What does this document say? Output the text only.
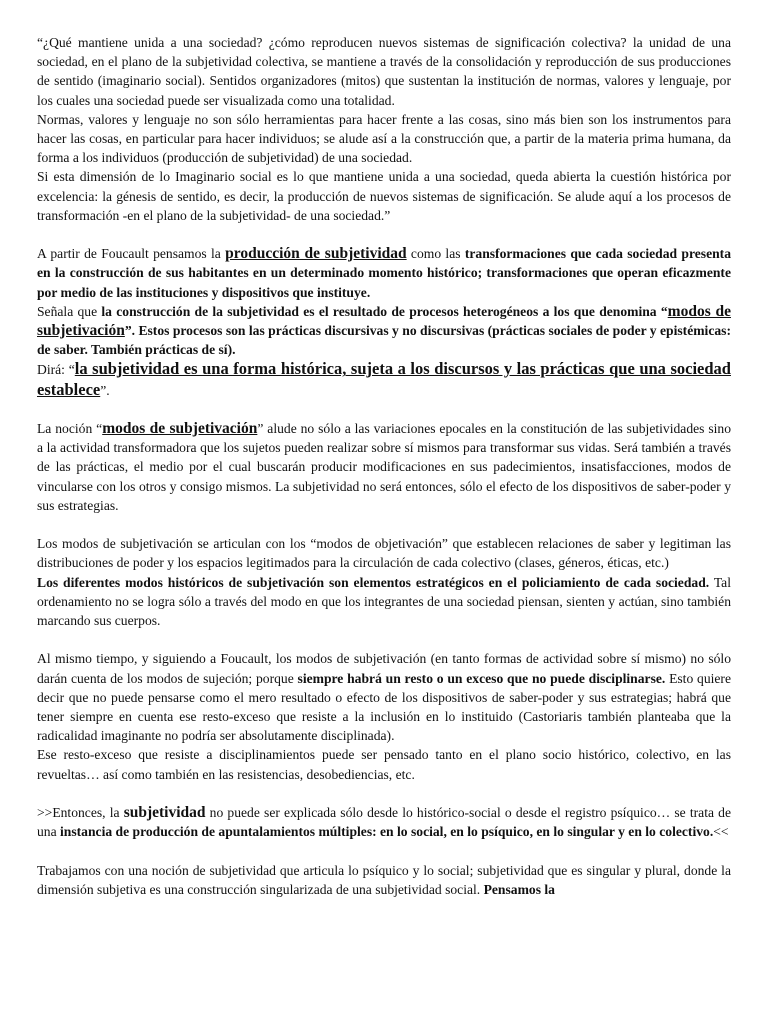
“¿Qué mantiene unida a una sociedad? ¿cómo reproducen nuevos sistemas de significación colectiva? la unidad de una sociedad, en el plano de la subjetividad colectiva, se mantiene a través de la consolidación y reproducción de sus producciones de sentido (imaginario social). Sentidos organizadores (mitos) que sustentan la institución de normas, valores y lenguaje, por los cuales una sociedad puede ser visualizada como una totalidad.

Normas, valores y lenguaje no son sólo herramientas para hacer frente a las cosas, sino más bien son los instrumentos para hacer las cosas, en particular para hacer individuos; se alude así a la construcción que, a partir de la materia prima humana, da forma a los individuos (producción de subjetividad) de una sociedad.

Si esta dimensión de lo Imaginario social es lo que mantiene unida a una sociedad, queda abierta la cuestión histórica por excelencia: la génesis de sentido, es decir, la producción de nuevos sistemas de significación. Se alude aquí a los procesos de transformación -en el plano de la subjetividad- de una sociedad.”

A partir de Foucault pensamos la producción de subjetividad como las transformaciones que cada sociedad presenta en la construcción de sus habitantes en un determinado momento histórico; transformaciones que operan eficazmente por medio de las instituciones y dispositivos que instituye.

Señala que la construcción de la subjetividad es el resultado de procesos heterogéneos a los que denomina “modos de subjetivación”. Estos procesos son las prácticas discursivas y no discursivas (prácticas sociales de poder y epistémicas: de saber. También prácticas de sí).

Dirá: “la subjetividad es una forma histórica, sujeta a los discursos y las prácticas que una sociedad establece”.

La noción “modos de subjetivación” alude no sólo a las variaciones epocales en la constitución de las subjetividades sino a la actividad transformadora que los sujetos pueden realizar sobre sí mismos para transformar sus vidas. Será también a través de las prácticas, el medio por el cual buscarán producir modificaciones en sus padecimientos, insatisfacciones, modos de vincularse con los otros y consigo mismos. La subjetividad no será entonces, sólo el efecto de los dispositivos de saber-poder y sus estrategias.

Los modos de subjetivación se articulan con los “modos de objetivación” que establecen relaciones de saber y legitiman las distribuciones de poder y los espacios legitimados para la circulación de cada colectivo (clases, géneros, éticas, etc.)

Los diferentes modos históricos de subjetivación son elementos estratégicos en el policiamiento de cada sociedad. Tal ordenamiento no se logra sólo a través del modo en que los integrantes de una sociedad piensan, sienten y actúan, sino también marcando sus cuerpos.

Al mismo tiempo, y siguiendo a Foucault, los modos de subjetivación (en tanto formas de actividad sobre sí mismo) no sólo darán cuenta de los modos de sujeción; porque siempre habrá un resto o un exceso que no puede disciplinarse. Esto quiere decir que no puede pensarse como el mero resultado o efecto de los dispositivos de saber-poder y sus estrategias; habrá que tener siempre en cuenta ese resto-exceso que resiste a la inclusión en lo instituido (Castoriaris también planteaba que la radicalidad imaginante no podría ser absolutamente disciplinada).

Ese resto-exceso que resiste a disciplinamientos puede ser pensado tanto en el plano socio histórico, colectivo, en las revueltas… así como también en las resistencias, desobediencias, etc.

>>Entonces, la subjetividad no puede ser explicada sólo desde lo histórico-social o desde el registro psíquico… se trata de una instancia de producción de apuntalamientos múltiples: en lo social, en lo psíquico, en lo singular y en lo colectivo.<<

Trabajamos con una noción de subjetividad que articula lo psíquico y lo social; subjetividad que es singular y plural, donde la dimensión subjetiva es una construcción singularizada de una subjetividad social. Pensamos la
